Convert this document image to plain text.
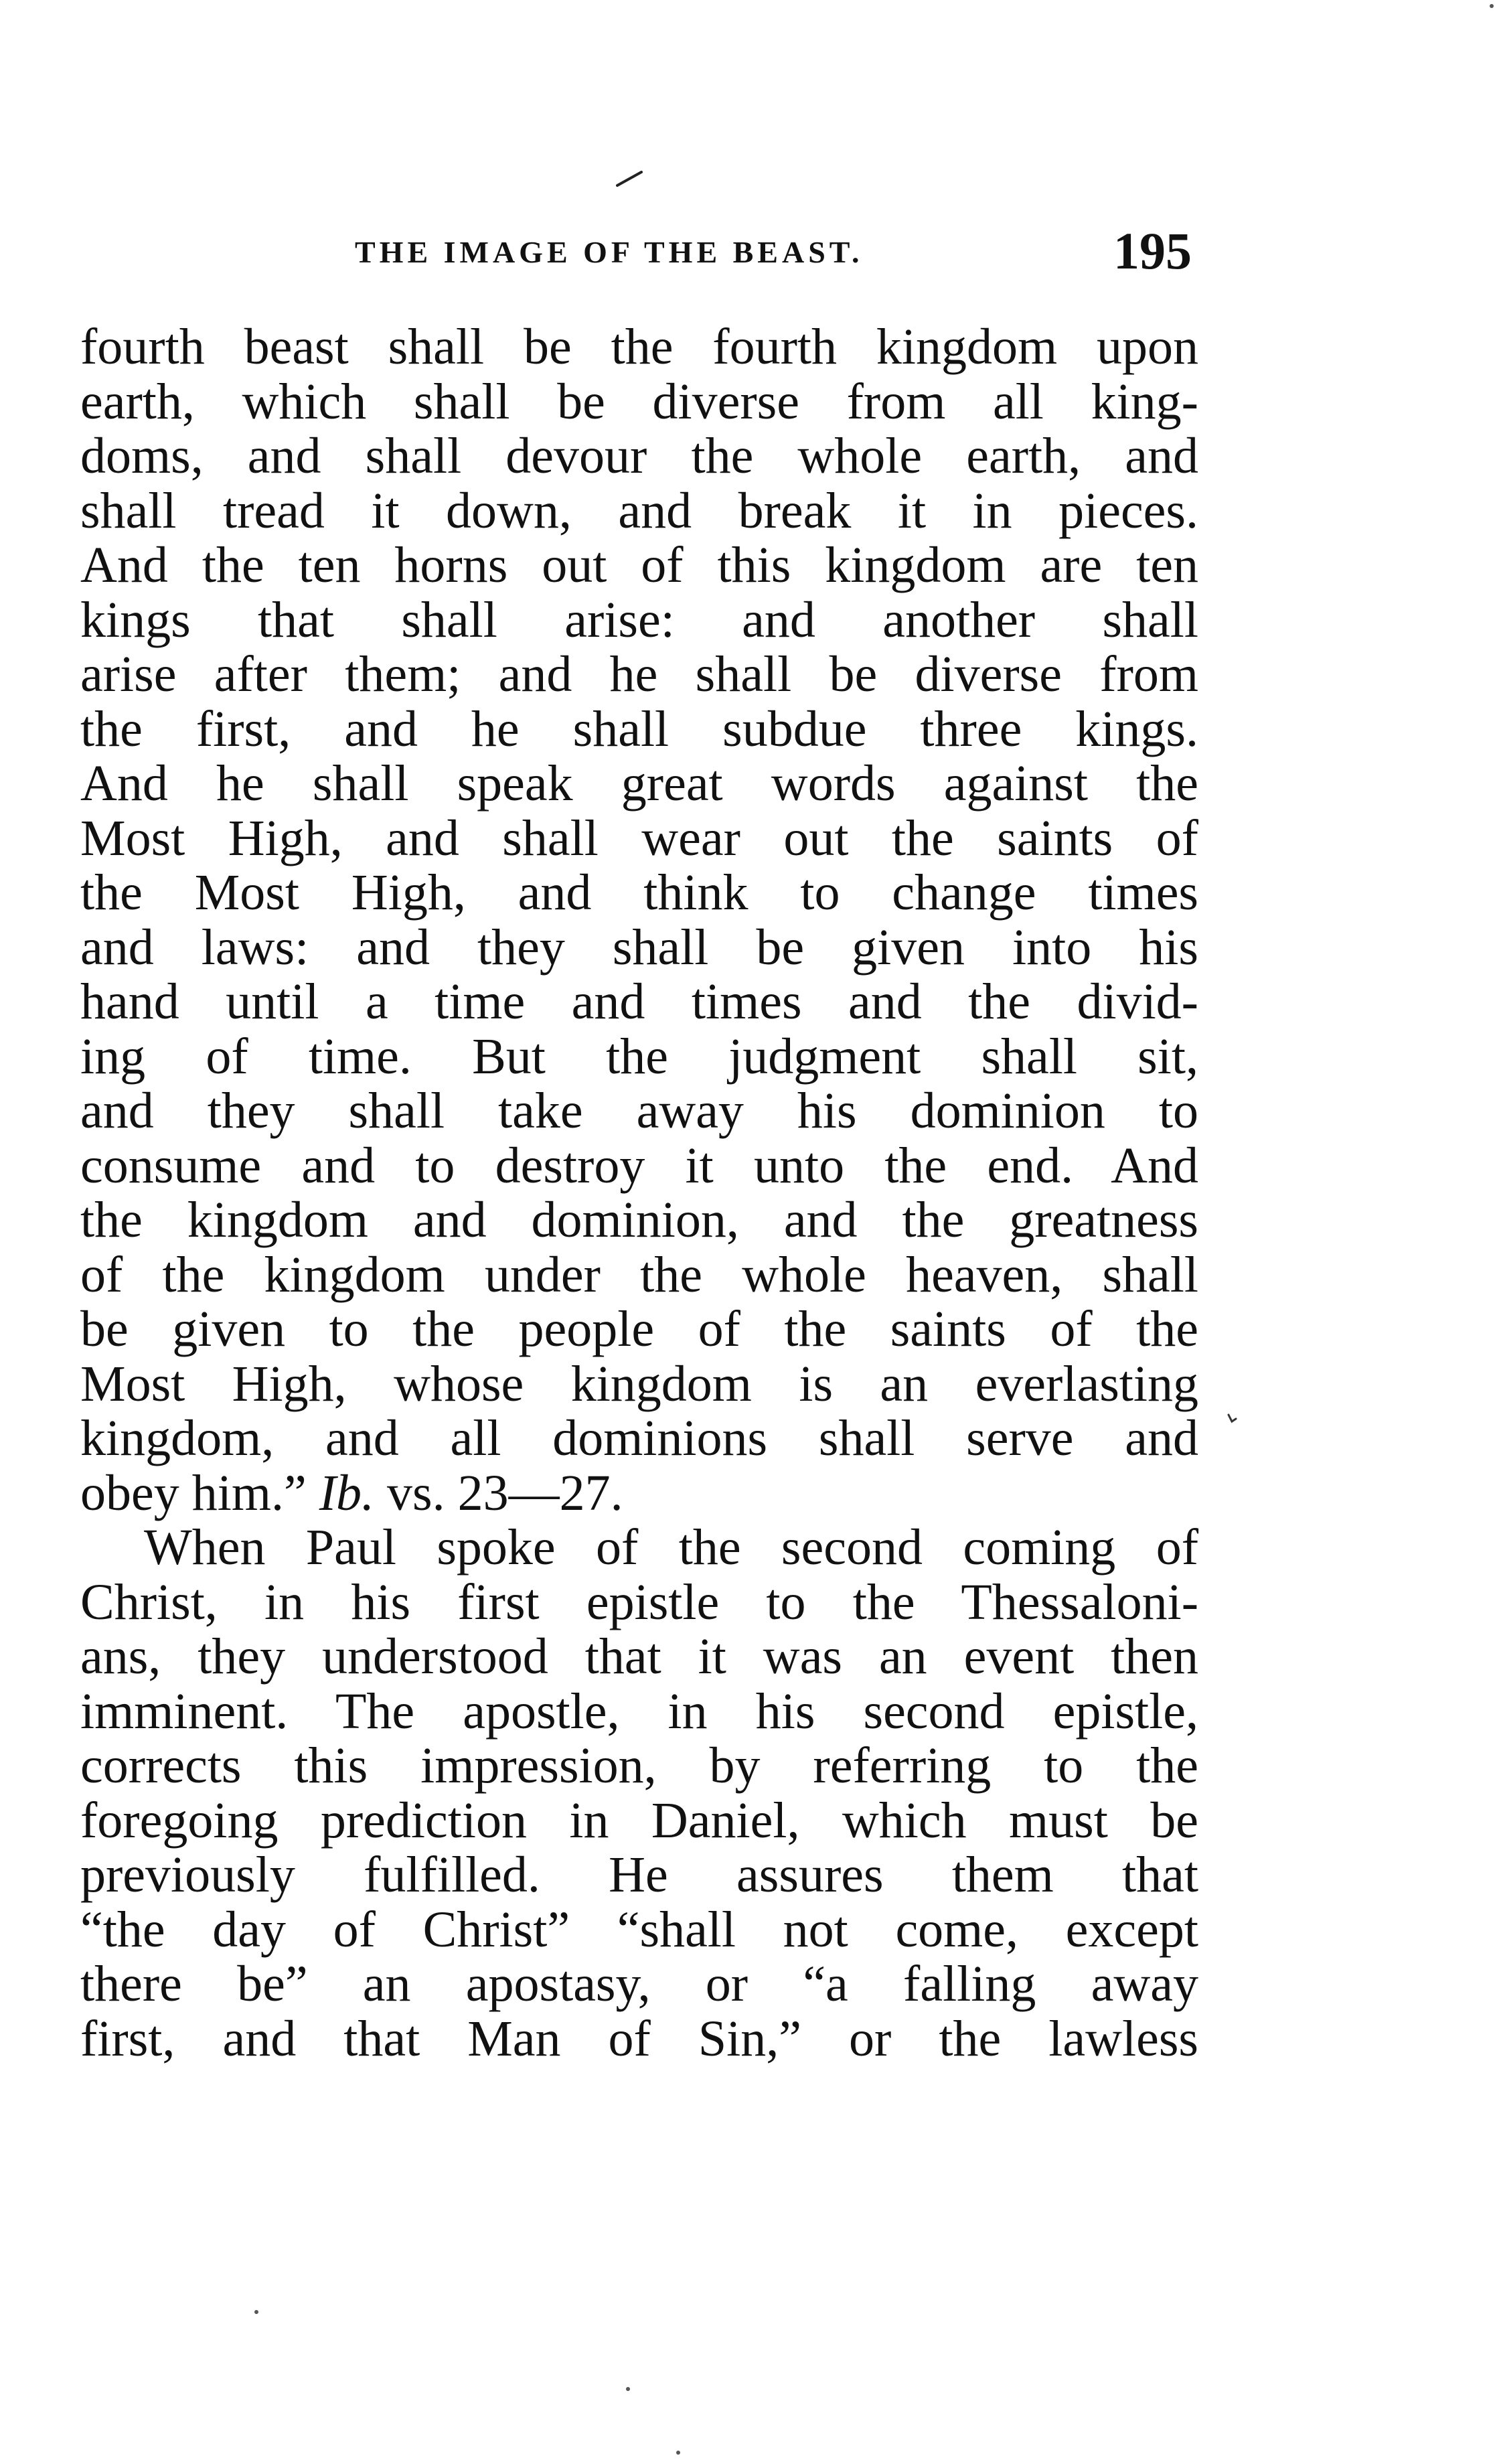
THE IMAGE OF THE BEAST.	195
fourth beast shall be the fourth kingdom upon
earth, which shall be diverse from all king-
doms, and shall devour the whole earth, and
shall tread it down, and break it in pieces.
And the ten horns out of this kingdom are ten
kings that shall arise: and another shall
arise after them; and he shall be diverse from
the first, and he shall subdue three kings.
And he shall speak great words against the
Most High, and shall wear out the saints of
the Most High, and think to change times
and laws: and they shall be given into his
hand until a time and times and the divid-
ing of time. But the judgment shall sit,
and they shall take away his dominion to
consume and to destroy it unto the end. And
the kingdom and dominion, and the greatness
of the kingdom under the whole heaven, shall
be given to the people of the saints of the
Most High, whose kingdom is an everlasting
kingdom, and all dominions shall serve and
obey him.” Ib. vs. 23—27.
When Paul spoke of the second coming of
Christ, in his first epistle to the Thessaloni-
ans, they understood that it was an event then
imminent. The apostle, in his second epistle,
corrects this impression, by referring to the
foregoing prediction in Daniel, which must be
previously fulfilled. He assures them that
“the day of Christ” “shall not come, except
there be” an apostasy, or “a falling away
first, and that Man of Sin,” or the lawless
